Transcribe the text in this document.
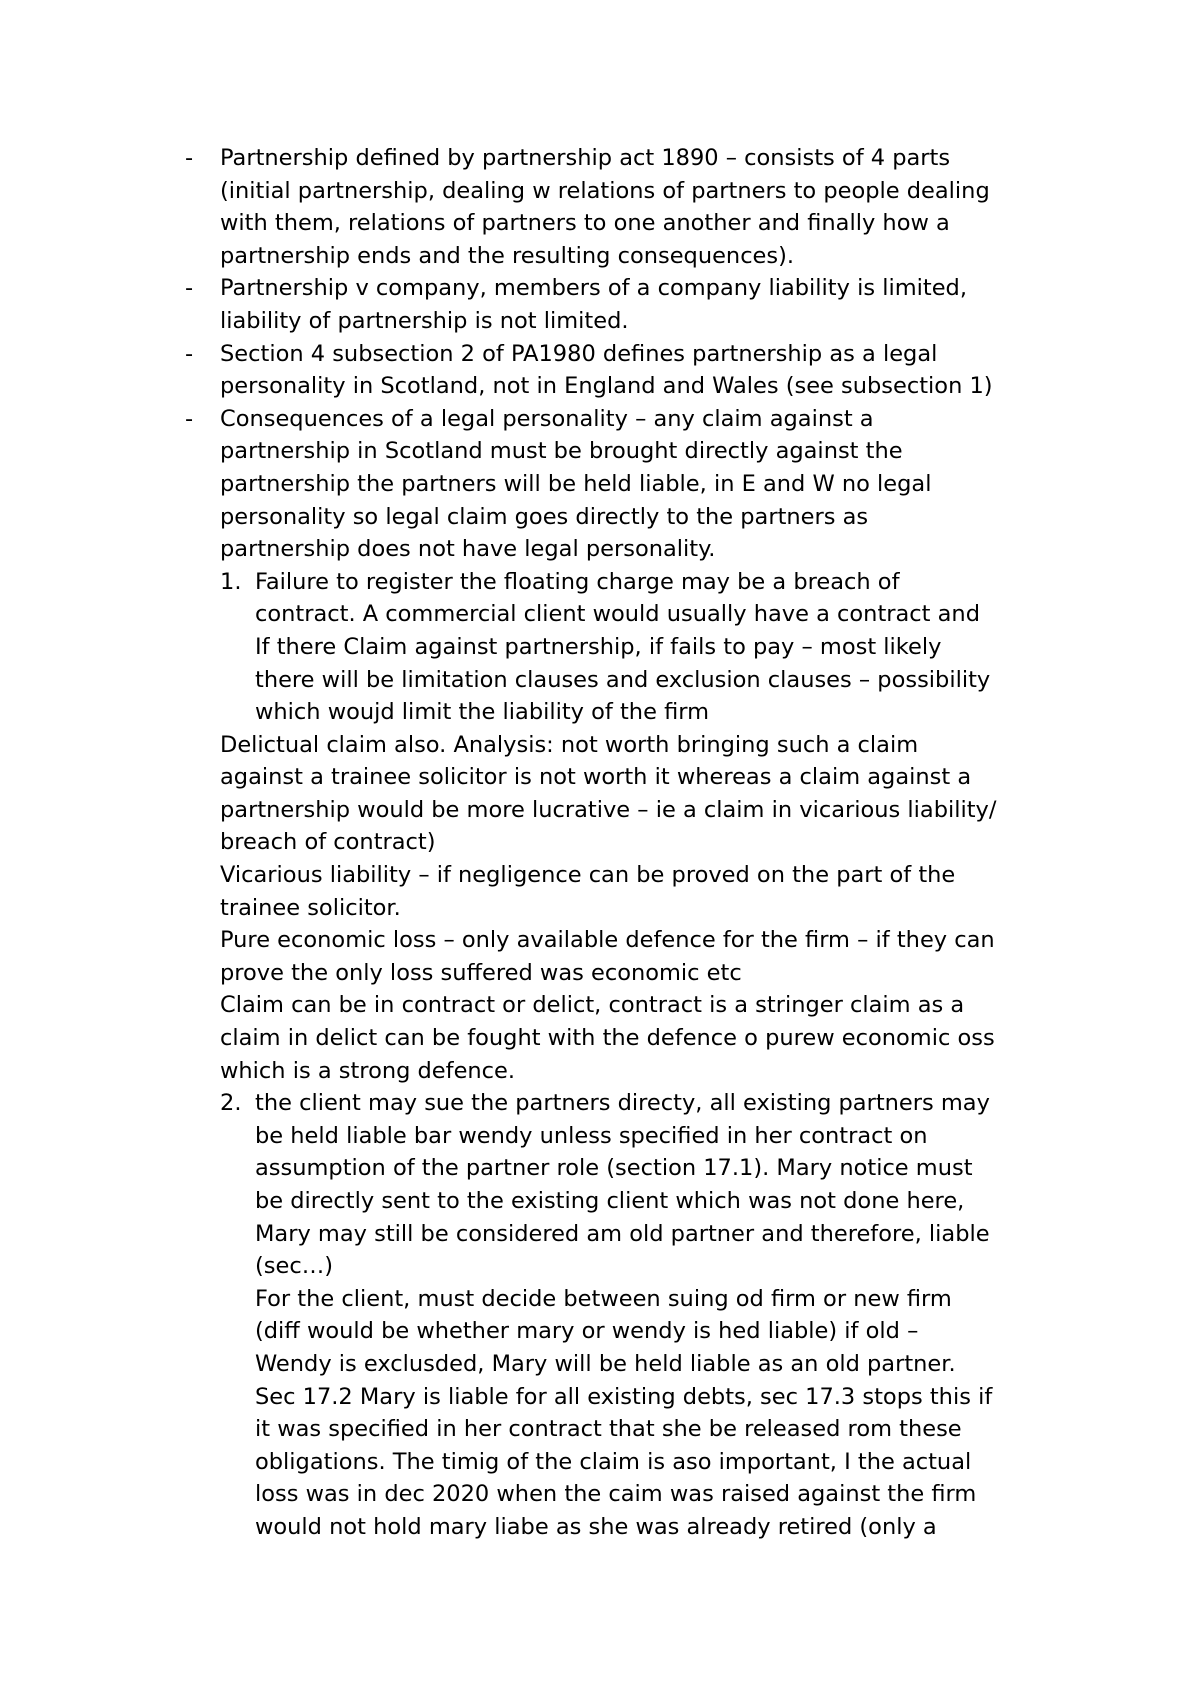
- Partnership defined by partnership act 1890 – consists of 4 parts
(initial partnership, dealing w relations of partners to people dealing
with them, relations of partners to one another and finally how a
partnership ends and the resulting consequences).
- Partnership v company, members of a company liability is limited,
liability of partnership is not limited.
- Section 4 subsection 2 of PA1980 defines partnership as a legal
personality in Scotland, not in England and Wales (see subsection 1)
- Consequences of a legal personality – any claim against a
partnership in Scotland must be brought directly against the
partnership the partners will be held liable, in E and W no legal
personality so legal claim goes directly to the partners as
partnership does not have legal personality.
1. Failure to register the floating charge may be a breach of
contract. A commercial client would usually have a contract and
If there Claim against partnership, if fails to pay – most likely
there will be limitation clauses and exclusion clauses – possibility
which woujd limit the liability of the firm
Delictual claim also. Analysis: not worth bringing such a claim
against a trainee solicitor is not worth it whereas a claim against a
partnership would be more lucrative – ie a claim in vicarious liability/
breach of contract)
Vicarious liability – if negligence can be proved on the part of the
trainee solicitor.
Pure economic loss – only available defence for the firm – if they can
prove the only loss suffered was economic etc
Claim can be in contract or delict, contract is a stringer claim as a
claim in delict can be fought with the defence o purew economic oss
which is a strong defence.
2. the client may sue the partners directy, all existing partners may
be held liable bar wendy unless specified in her contract on
assumption of the partner role (section 17.1). Mary notice must
be directly sent to the existing client which was not done here,
Mary may still be considered am old partner and therefore, liable
(sec…)
For the client, must decide between suing od firm or new firm
(diff would be whether mary or wendy is hed liable) if old –
Wendy is exclusded, Mary will be held liable as an old partner.
Sec 17.2 Mary is liable for all existing debts, sec 17.3 stops this if
it was specified in her contract that she be released rom these
obligations. The timig of the claim is aso important, I the actual
loss was in dec 2020 when the caim was raised against the firm
would not hold mary liabe as she was already retired (only a
